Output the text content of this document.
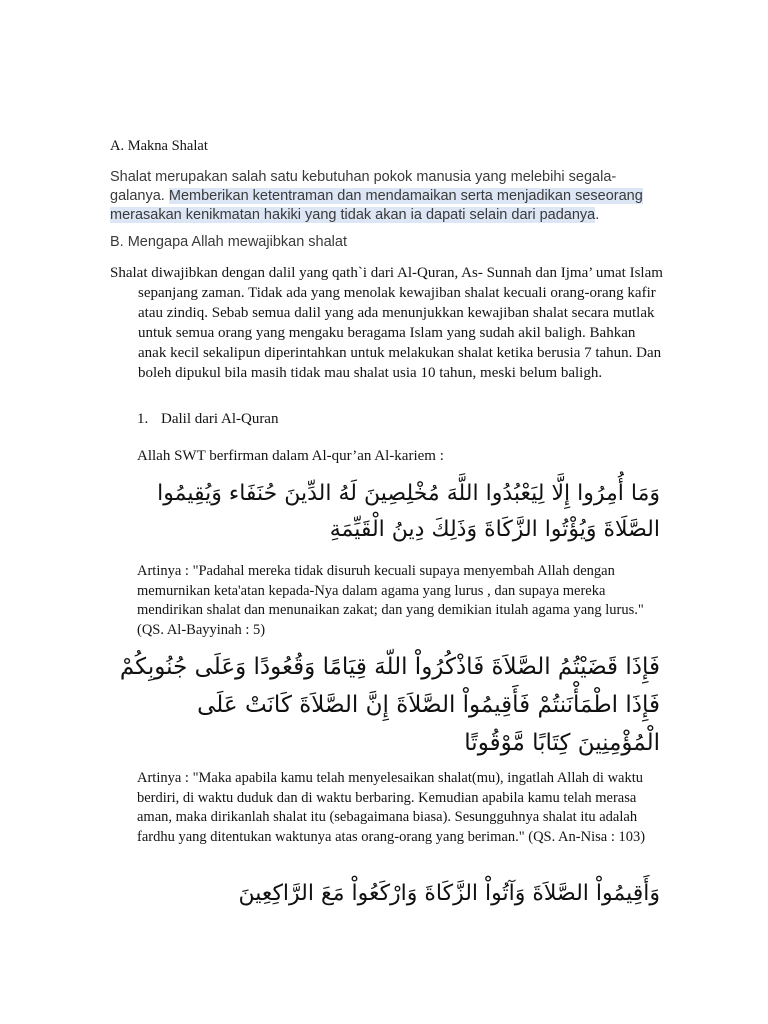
A. Makna Shalat
Shalat merupakan salah satu kebutuhan pokok manusia yang melebihi segala-galanya. Memberikan ketentraman dan mendamaikan serta menjadikan seseorang merasakan kenikmatan hakiki yang tidak akan ia dapati selain dari padanya.
B. Mengapa Allah mewajibkan shalat
Shalat diwajibkan dengan dalil yang qath`i dari Al-Quran, As- Sunnah dan Ijma’ umat Islam sepanjang zaman. Tidak ada yang menolak kewajiban shalat kecuali orang-orang kafir atau zindiq. Sebab semua dalil yang ada menunjukkan kewajiban shalat secara mutlak untuk semua orang yang mengaku beragama Islam yang sudah akil baligh. Bahkan anak kecil sekalipun diperintahkan untuk melakukan shalat ketika berusia 7 tahun. Dan boleh dipukul bila masih tidak mau shalat usia 10 tahun, meski belum baligh.
1. Dalil dari Al-Quran
Allah SWT berfirman dalam Al-qur’an Al-kariem :
وَمَا أُمِرُوا إِلَّا لِيَعْبُدُوا اللَّهَ مُخْلِصِينَ لَهُ الدِّينَ حُنَفَاء وَيُقِيمُوا الصَّلَاةَ وَيُؤْتُوا الزَّكَاةَ وَذَلِكَ دِينُ الْقَيِّمَةِ
Artinya : "Padahal mereka tidak disuruh kecuali supaya menyembah Allah dengan memurnikan keta'atan kepada-Nya dalam agama yang lurus , dan supaya mereka mendirikan shalat dan menunaikan zakat; dan yang demikian itulah agama yang lurus." (QS. Al-Bayyinah : 5)
فَإِذَا قَضَيْتُمُ الصَّلاَةَ فَاذْكُرُواْ اللّهَ قِيَامًا وَقُعُودًا وَعَلَى جُنُوبِكُمْ فَإِذَا اطْمَأْنَنتُمْ فَأَقِيمُواْ الصَّلاَةَ إِنَّ الصَّلاَةَ كَانَتْ عَلَى الْمُؤْمِنِينَ كِتَابًا مَّوْقُوتًا
Artinya : "Maka apabila kamu telah menyelesaikan shalat(mu), ingatlah Allah di waktu berdiri, di waktu duduk dan di waktu berbaring. Kemudian apabila kamu telah merasa aman, maka dirikanlah shalat itu (sebagaimana biasa). Sesungguhnya shalat itu adalah fardhu yang ditentukan waktunya atas orang-orang yang beriman." (QS. An-Nisa : 103)
وَأَقِيمُواْ الصَّلاَةَ وَآتُواْ الزَّكَاةَ وَارْكَعُواْ مَعَ الرَّاكِعِينَ
